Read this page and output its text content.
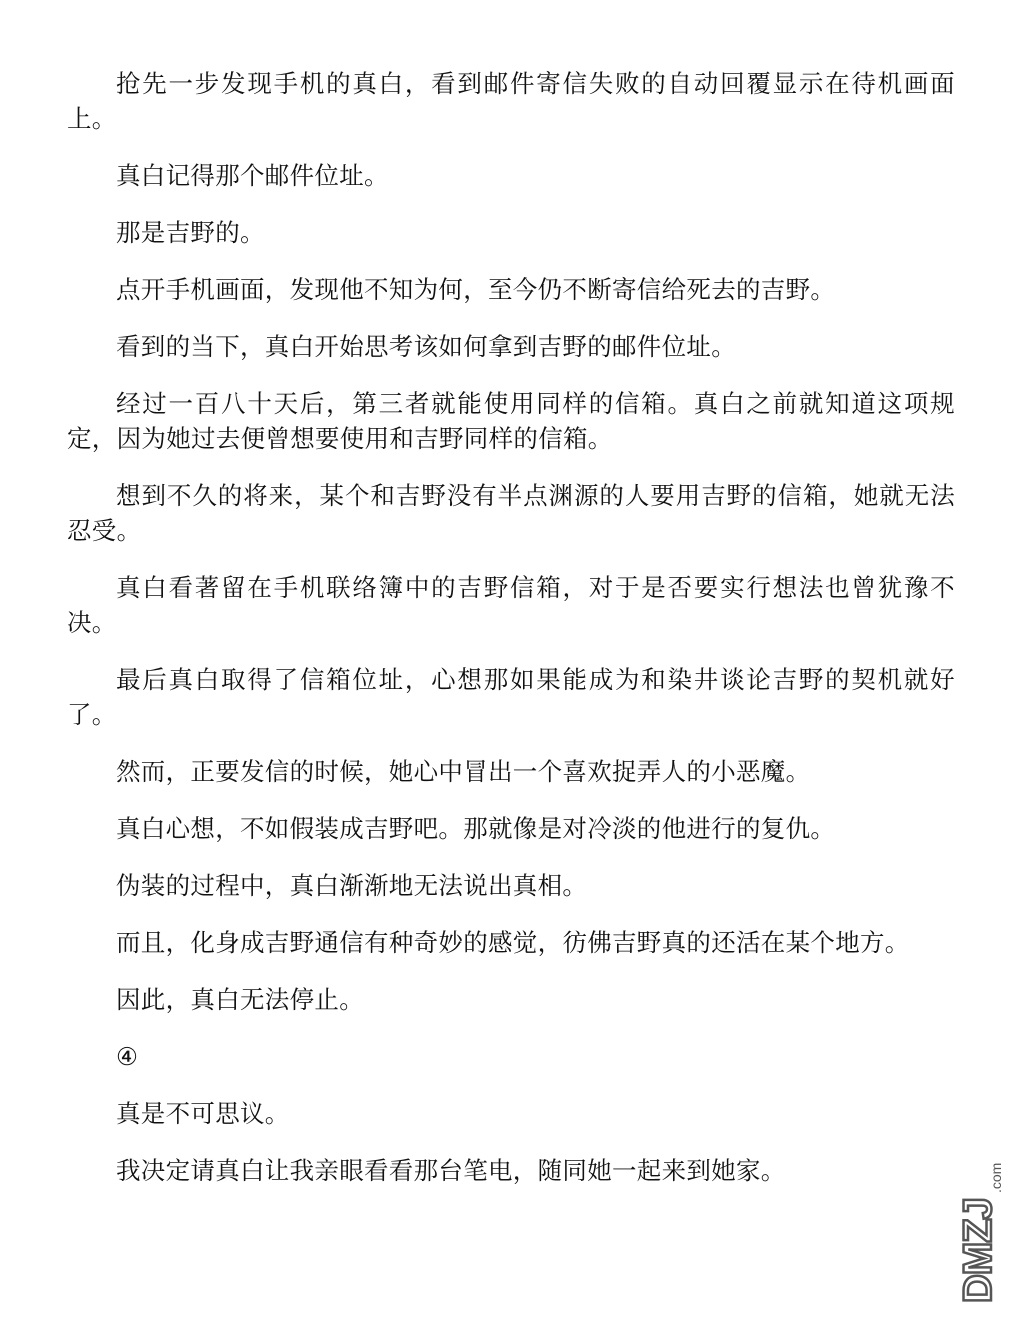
抢先一步发现手机的真白，看到邮件寄信失败的自动回覆显示在待机画面上。

真白记得那个邮件位址。

那是吉野的。

点开手机画面，发现他不知为何，至今仍不断寄信给死去的吉野。

看到的当下，真白开始思考该如何拿到吉野的邮件位址。

经过一百八十天后，第三者就能使用同样的信箱。真白之前就知道这项规定，因为她过去便曾想要使用和吉野同样的信箱。

想到不久的将来，某个和吉野没有半点渊源的人要用吉野的信箱，她就无法忍受。

真白看著留在手机联络簿中的吉野信箱，对于是否要实行想法也曾犹豫不决。

最后真白取得了信箱位址，心想那如果能成为和染井谈论吉野的契机就好了。

然而，正要发信的时候，她心中冒出一个喜欢捉弄人的小恶魔。

真白心想，不如假装成吉野吧。那就像是对冷淡的他进行的复仇。

伪装的过程中，真白渐渐地无法说出真相。

而且，化身成吉野通信有种奇妙的感觉，彷佛吉野真的还活在某个地方。

因此，真白无法停止。

④

真是不可思议。

我决定请真白让我亲眼看看那台笔电，随同她一起来到她家。

DMZJ
.com
